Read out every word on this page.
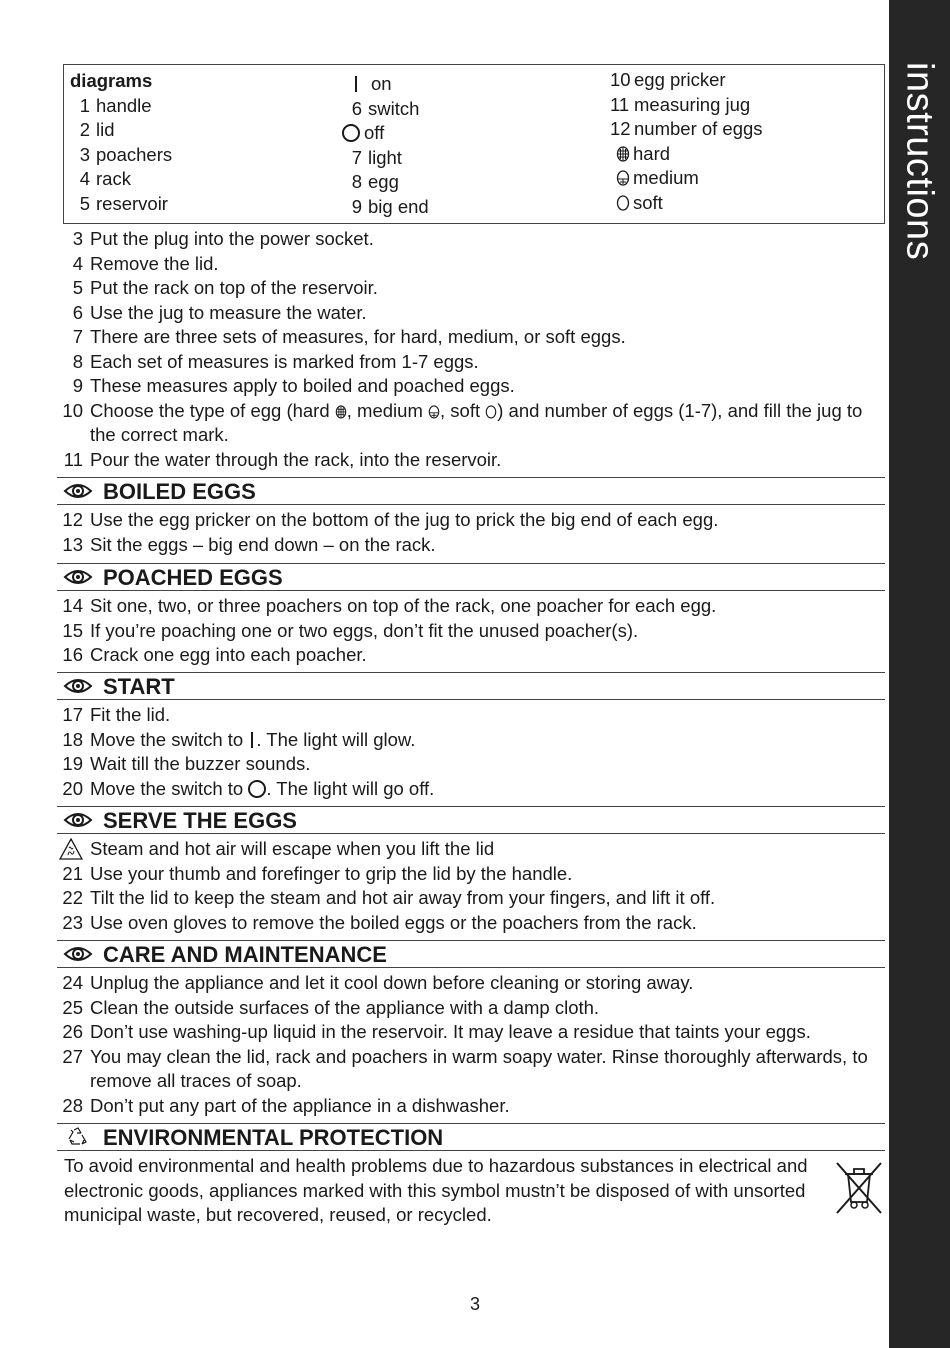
instructions
diagrams
1 handle
2 lid
3 poachers
4 rack
5 reservoir
on
6 switch
off
7 light
8 egg
9 big end
10 egg pricker
11 measuring jug
12 number of eggs
hard
medium
soft
3 Put the plug into the power socket.
4 Remove the lid.
5 Put the rack on top of the reservoir.
6 Use the jug to measure the water.
7 There are three sets of measures, for hard, medium, or soft eggs.
8 Each set of measures is marked from 1-7 eggs.
9 These measures apply to boiled and poached eggs.
10 Choose the type of egg (hard , medium , soft ) and number of eggs (1-7), and fill the jug to the correct mark.
11 Pour the water through the rack, into the reservoir.
BOILED EGGS
12 Use the egg pricker on the bottom of the jug to prick the big end of each egg.
13 Sit the eggs – big end down – on the rack.
POACHED EGGS
14 Sit one, two, or three poachers on top of the rack, one poacher for each egg.
15 If you’re poaching one or two eggs, don’t fit the unused poacher(s).
16 Crack one egg into each poacher.
START
17 Fit the lid.
18 Move the switch to . The light will glow.
19 Wait till the buzzer sounds.
20 Move the switch to . The light will go off.
SERVE THE EGGS
Steam and hot air will escape when you lift the lid
21 Use your thumb and forefinger to grip the lid by the handle.
22 Tilt the lid to keep the steam and hot air away from your fingers, and lift it off.
23 Use oven gloves to remove the boiled eggs or the poachers from the rack.
CARE AND MAINTENANCE
24 Unplug the appliance and let it cool down before cleaning or storing away.
25 Clean the outside surfaces of the appliance with a damp cloth.
26 Don’t use washing-up liquid in the reservoir. It may leave a residue that taints your eggs.
27 You may clean the lid, rack and poachers in warm soapy water. Rinse thoroughly afterwards, to remove all traces of soap.
28 Don’t put any part of the appliance in a dishwasher.
ENVIRONMENTAL PROTECTION
To avoid environmental and health problems due to hazardous substances in electrical and electronic goods, appliances marked with this symbol mustn’t be disposed of with unsorted municipal waste, but recovered, reused, or recycled.
3
